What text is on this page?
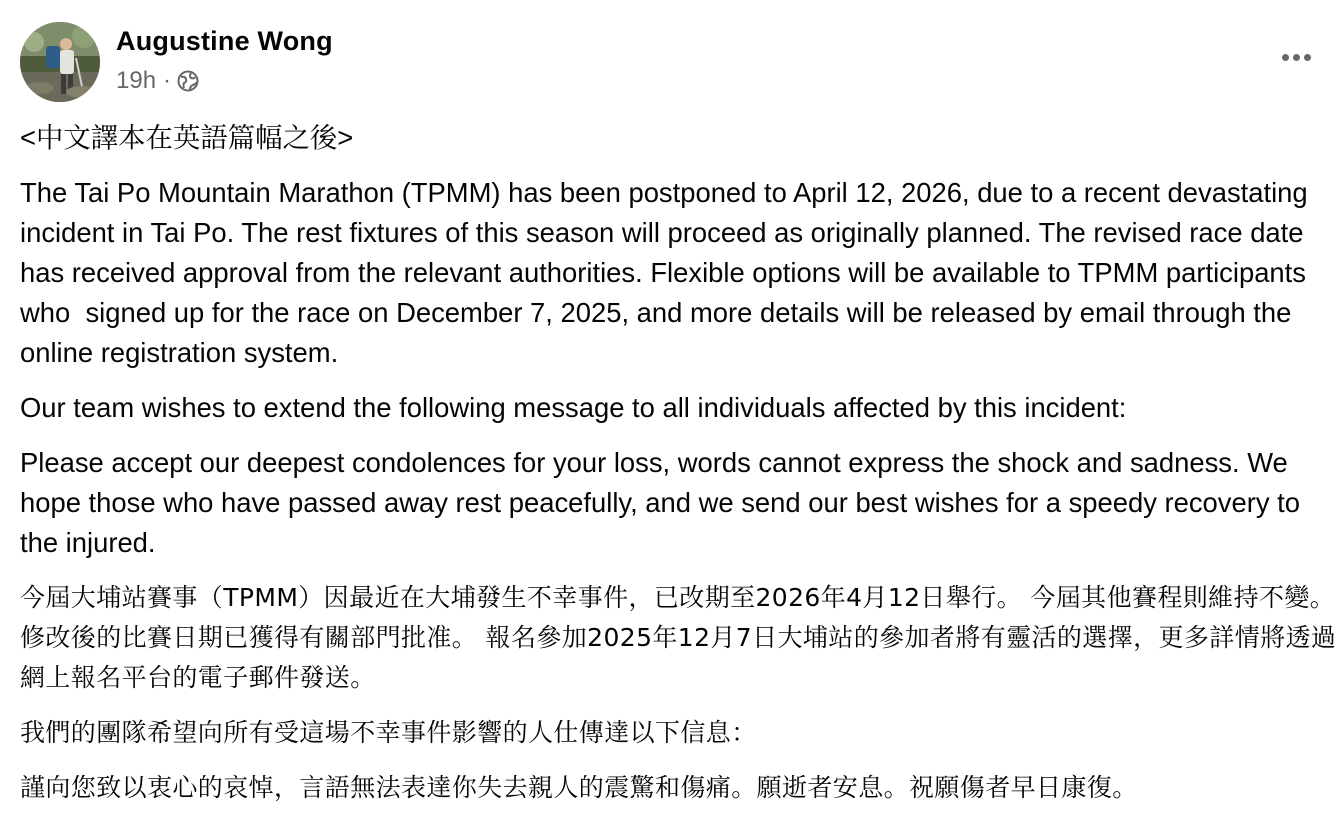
Augustine Wong
19h ·

<中文譯本在英語篇幅之後>

The Tai Po Mountain Marathon (TPMM) has been postponed to April 12, 2026, due to a recent devastating incident in Tai Po. The rest fixtures of this season will proceed as originally planned. The revised race date has received approval from the relevant authorities. Flexible options will be available to TPMM participants who  signed up for the race on December 7, 2025, and more details will be released by email through the online registration system.

Our team wishes to extend the following message to all individuals affected by this incident:

Please accept our deepest condolences for your loss, words cannot express the shock and sadness. We hope those who have passed away rest peacefully, and we send our best wishes for a speedy recovery to the injured.

今屆大埔站賽事（TPMM）因最近在大埔發生不幸事件，已改期至2026年4月12日舉行。 今屆其他賽程則維持不變。 修改後的比賽日期已獲得有關部門批准。 報名參加2025年12月7日大埔站的參加者將有靈活的選擇，更多詳情將透過網上報名平台的電子郵件發送。

我們的團隊希望向所有受這場不幸事件影響的人仕傳達以下信息：

謹向您致以衷心的哀悼，言語無法表達你失去親人的震驚和傷痛。願逝者安息。祝願傷者早日康復。
